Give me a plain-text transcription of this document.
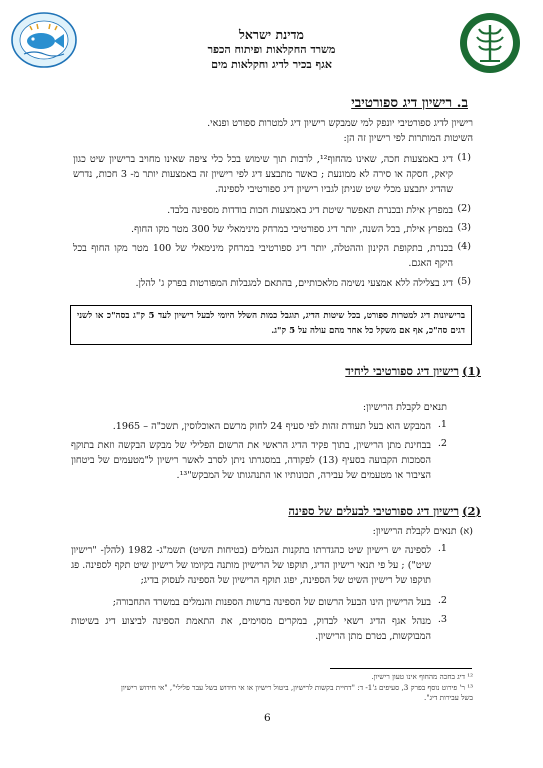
מדינת ישראל
משרד החקלאות ופיתוח הכפר
אגף בכיר לדיג וחקלאות מים
ב. רישיון דיג ספורטיבי
רישיון לדיג ספורטיבי יונפק למי שמבקש רישיון דיג למטרות ספורט ופנאי.
השיטות המותרות לפי רישיון זה הן:
(1)
דיג באמצעות חכה, שאינו מהחוף¹², לרבות תוך שימוש בכל כלי ציפה שאינו מחויב ברישיון שיט כגון קיאק, חסקה או סירה לא ממונעת ; כאשר מתבצע דיג לפי רישיון זה באמצעות יותר מ- 3 חכות, נדרש שהדיג יתבצע מכלי שיט שניתן לגביו רישיון דיג ספורטיבי לספינה.
(2)
במפרץ אילת ובכנרת תאפשר שיטת דיג באמצעות חכות בודדות מספינה בלבד.
(3)
במפרץ אילת, בכל השנה, יותר דיג ספורטיבי במרחק מינימאלי של 300 מטר מקו החוף.
(4)
בכנרת, בתקופת הקינון וההטלה, יותר דיג ספורטיבי במרחק מינימאלי של 100 מטר מקו החוף בכל היקף האגם.
(5)
דיג בצלילה ללא אמצעי נשימה מלאכותיים, בהתאם למגבלות המפורטות בפרק ג' להלן.
ברישיונות דיג למטרות ספורט, בכל שיטות הדיג, תוגבל כמות השלל היומי לבעל רישיון לעד 5 ק"ג בסה"כ או לשני דגים סה"כ, אף אם משקל כל אחד מהם עולה על 5 ק"ג.
(1)
רישיון דיג ספורטיבי ליחיד
תנאים לקבלת הרישיון:
1.
המבקש הוא בעל תעודת זהות לפי סעיף 24 לחוק מרשם האוכלוסין, תשכ"ה – 1965.
2.
בבחינת מתן הרישיון, בתוך פקיד הדיג הראשי את הרשום הפלילי של מבקש הבקשה וזאת בתוקף הסמכות הקבועה בסעיף (13) לפקודה, במסגרתו ניתן לסרב לאשר רישיון ל"מטעמים של ביטחון הציבור או מטעמים של עבירה, תכונותיו או התנהגותו של המבקש"¹³.
(2)
רישיון דיג ספורטיבי לבעלים של ספינה
(א) תנאים לקבלת הרישיון:
1.
לספינה יש רישיון שיט כהגדרתו בתקנות הנמלים (בטיחות השיט) תשמ"ג- 1982 (להלן- "רישיון שיט") ; על פי תנאי רישיון הדיג, תוקפו של הרישיון מותנה בקיומו של רישיון שיט תקף לספינה. פג תוקפו של רישיון השיט של הספינה, יפוג תוקף הרישיון של הספינה לעסוק בדיג;
2.
בעל הרישיון הינו הבעל הרשום של הספינה ברשות הספנות והנמלים במשרד התחבורה;
3.
מנהל אגף הדיג רשאי לבדוק, במקרים מסוימים, את התאמת הספינה לביצוע דיג בשיטות המבוקשות, בטרם מתן הרישיון.
¹² דיג בחכה מהחוף אינו טעון רישיון.
¹³ ר' פירוט נוסף בפרק 3, סעיפים ג'1- ד: "דחיית בקשות לרישיון, ביטול רישיון או אי חידוש בשל עבר פלילי", "אי חידוש רישיון
בשל עבירות דיג".
6
